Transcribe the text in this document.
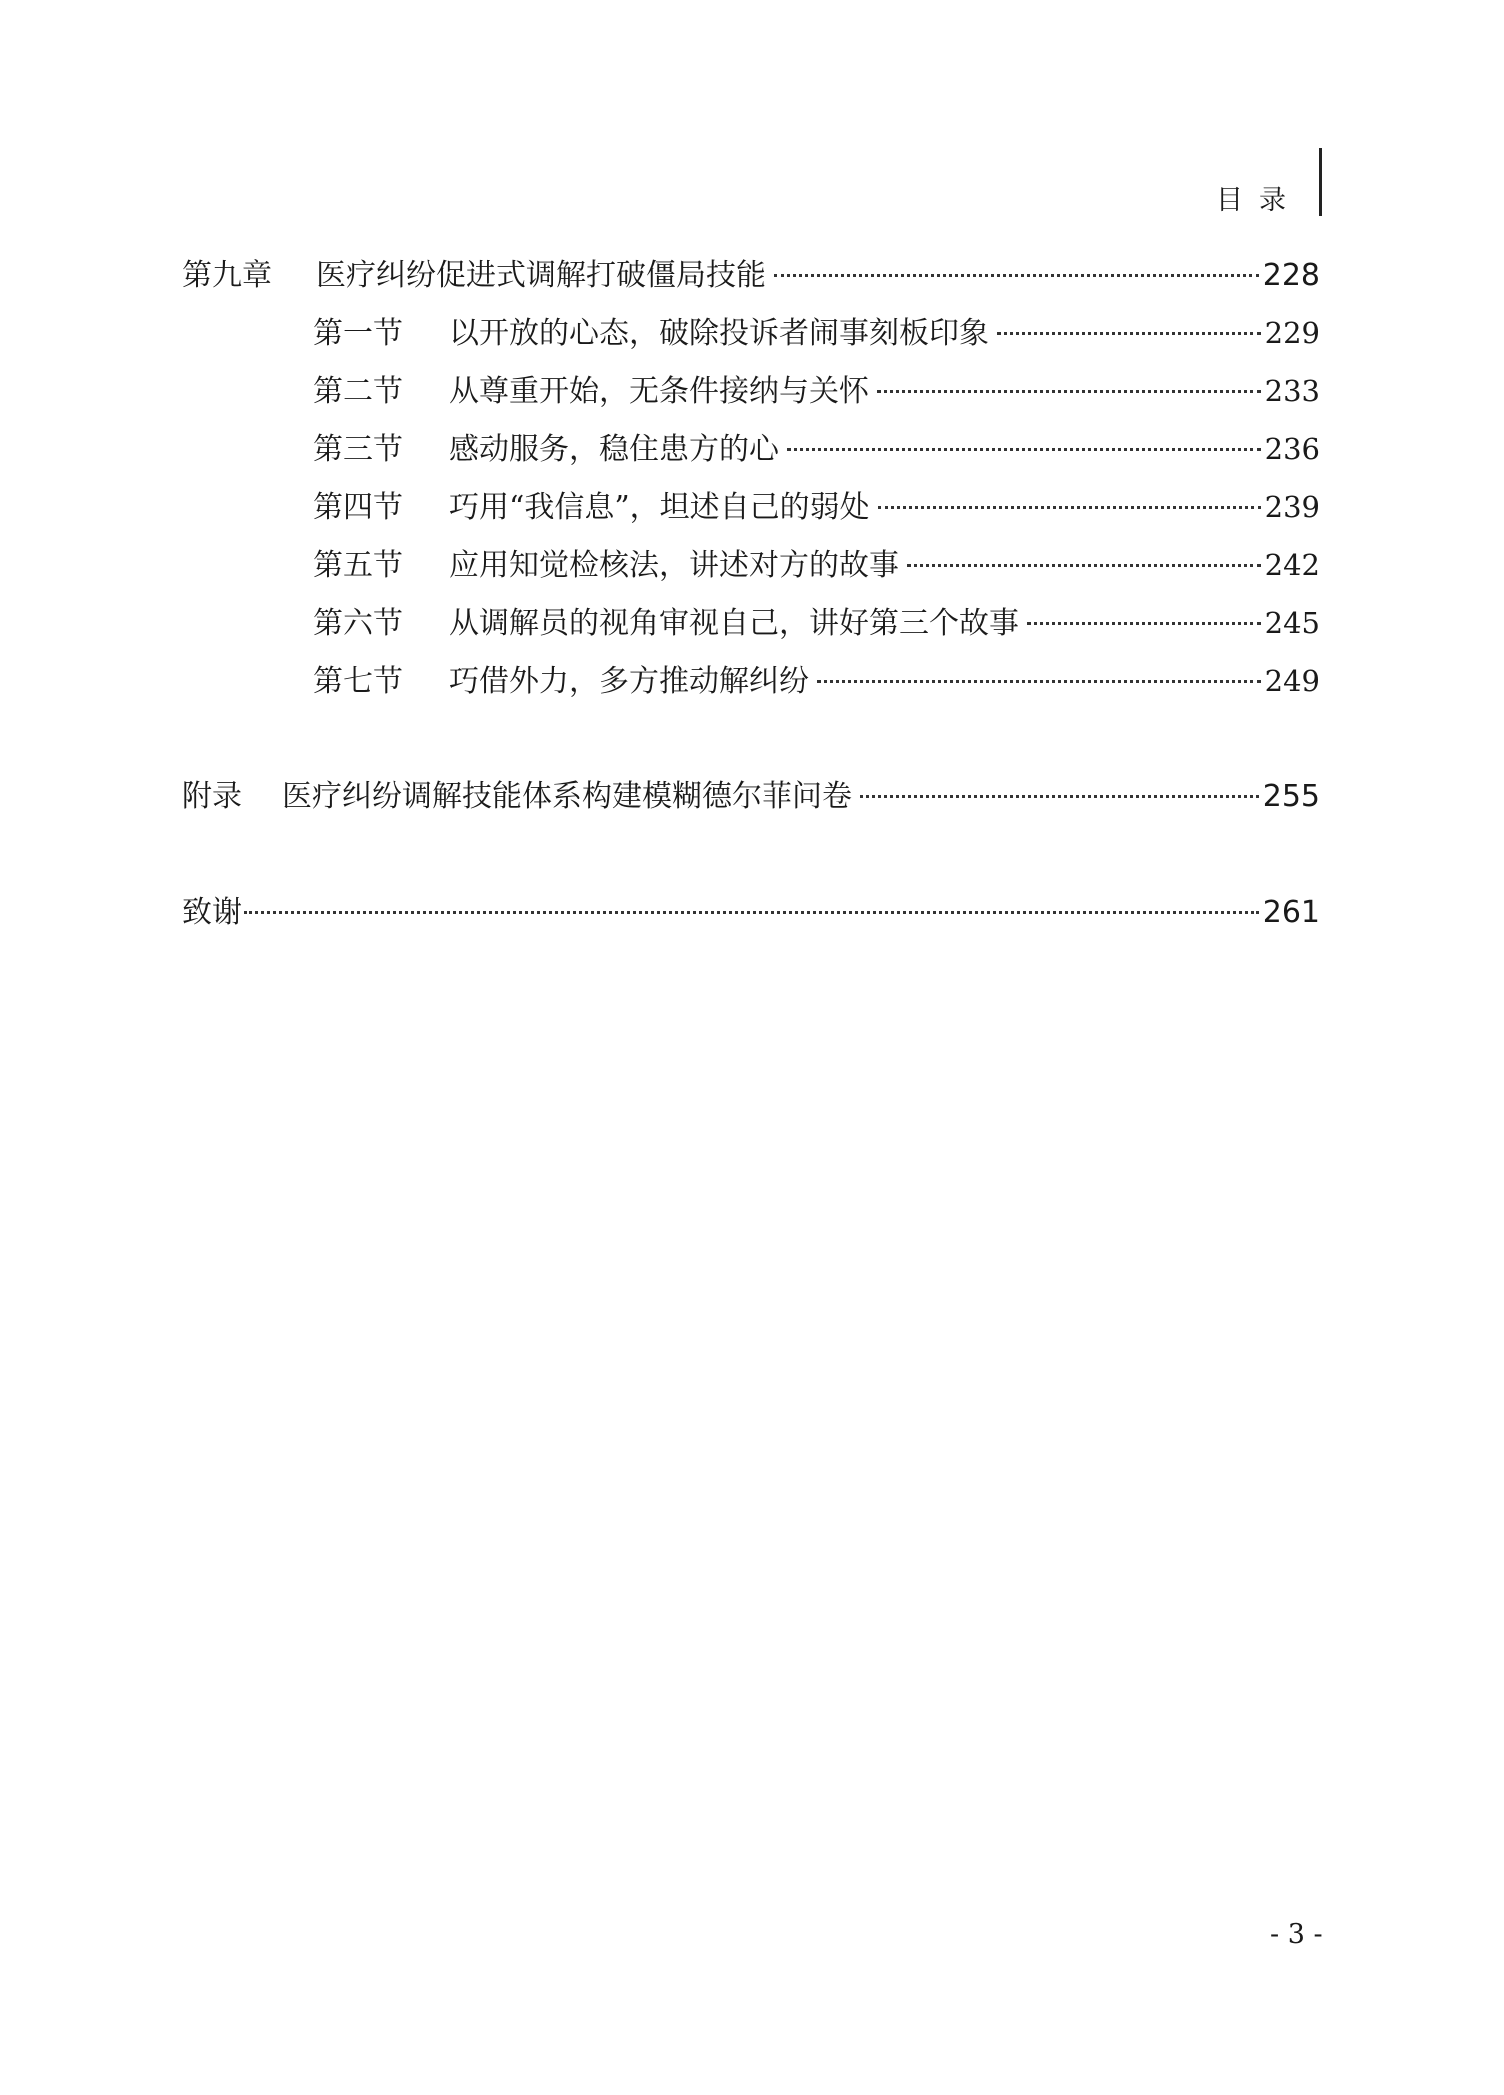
目录
第九章	医疗纠纷促进式调解打破僵局技能	228
第一节	以开放的心态，破除投诉者闹事刻板印象	229
第二节	从尊重开始，无条件接纳与关怀	233
第三节	感动服务，稳住患方的心	236
第四节	巧用“我信息”，坦述自己的弱处	239
第五节	应用知觉检核法，讲述对方的故事	242
第六节	从调解员的视角审视自己，讲好第三个故事	245
第七节	巧借外力，多方推动解纠纷	249
附录	医疗纠纷调解技能体系构建模糊德尔菲问卷	255
致谢	261
- 3 -
